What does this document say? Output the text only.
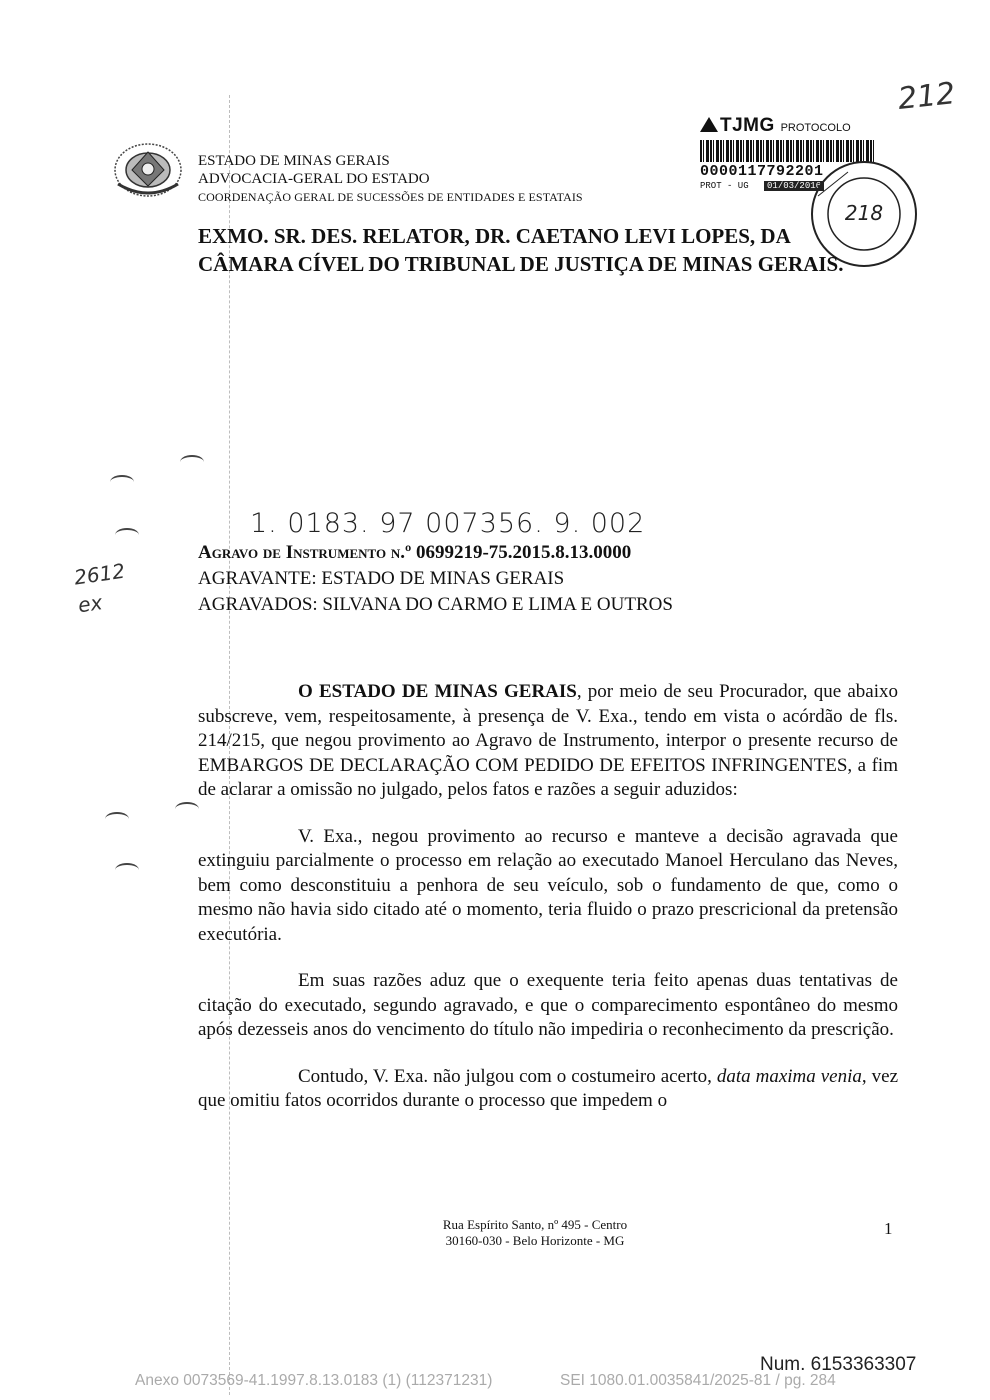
ESTADO DE MINAS GERAIS
ADVOCACIA-GERAL DO ESTADO
COORDENAÇÃO GERAL DE SUCESSÕES DE ENTIDADES E ESTATAIS
TJMG PROTOCOLO
0000117792201
PROT - UG 01/03/2016
212
218
EXMO. SR. DES. RELATOR, DR. CAETANO LEVI LOPES, DA
CÂMARA CÍVEL DO TRIBUNAL DE JUSTIÇA DE MINAS GERAIS.
1. 0183. 97 007356. 9. 002
2612
ex
Agravo de Instrumento n.º 0699219-75.2015.8.13.0000
AGRAVANTE: ESTADO DE MINAS GERAIS
AGRAVADOS: SILVANA DO CARMO E LIMA E OUTROS

O ESTADO DE MINAS GERAIS, por meio de seu Procurador, que abaixo subscreve, vem, respeitosamente, à presença de V. Exa., tendo em vista o acórdão de fls. 214/215, que negou provimento ao Agravo de Instrumento, interpor o presente recurso de EMBARGOS DE DECLARAÇÃO COM PEDIDO DE EFEITOS INFRINGENTES, a fim de aclarar a omissão no julgado, pelos fatos e razões a seguir aduzidos:

V. Exa., negou provimento ao recurso e manteve a decisão agravada que extinguiu parcialmente o processo em relação ao executado Manoel Herculano das Neves, bem como desconstituiu a penhora de seu veículo, sob o fundamento de que, como o mesmo não havia sido citado até o momento, teria fluido o prazo prescricional da pretensão executória.

Em suas razões aduz que o exequente teria feito apenas duas tentativas de citação do executado, segundo agravado, e que o comparecimento espontâneo do mesmo após dezesseis anos do vencimento do título não impediria o reconhecimento da prescrição.

Contudo, V. Exa. não julgou com o costumeiro acerto, data maxima venia, vez que omitiu fatos ocorridos durante o processo que impedem o

Rua Espírito Santo, nº 495 - Centro
30160-030 - Belo Horizonte - MG
1
Num. 6153363307
Anexo 0073569-41.1997.8.13.0183 (1) (112371231)	SEI 1080.01.0035841/2025-81 / pg. 284
